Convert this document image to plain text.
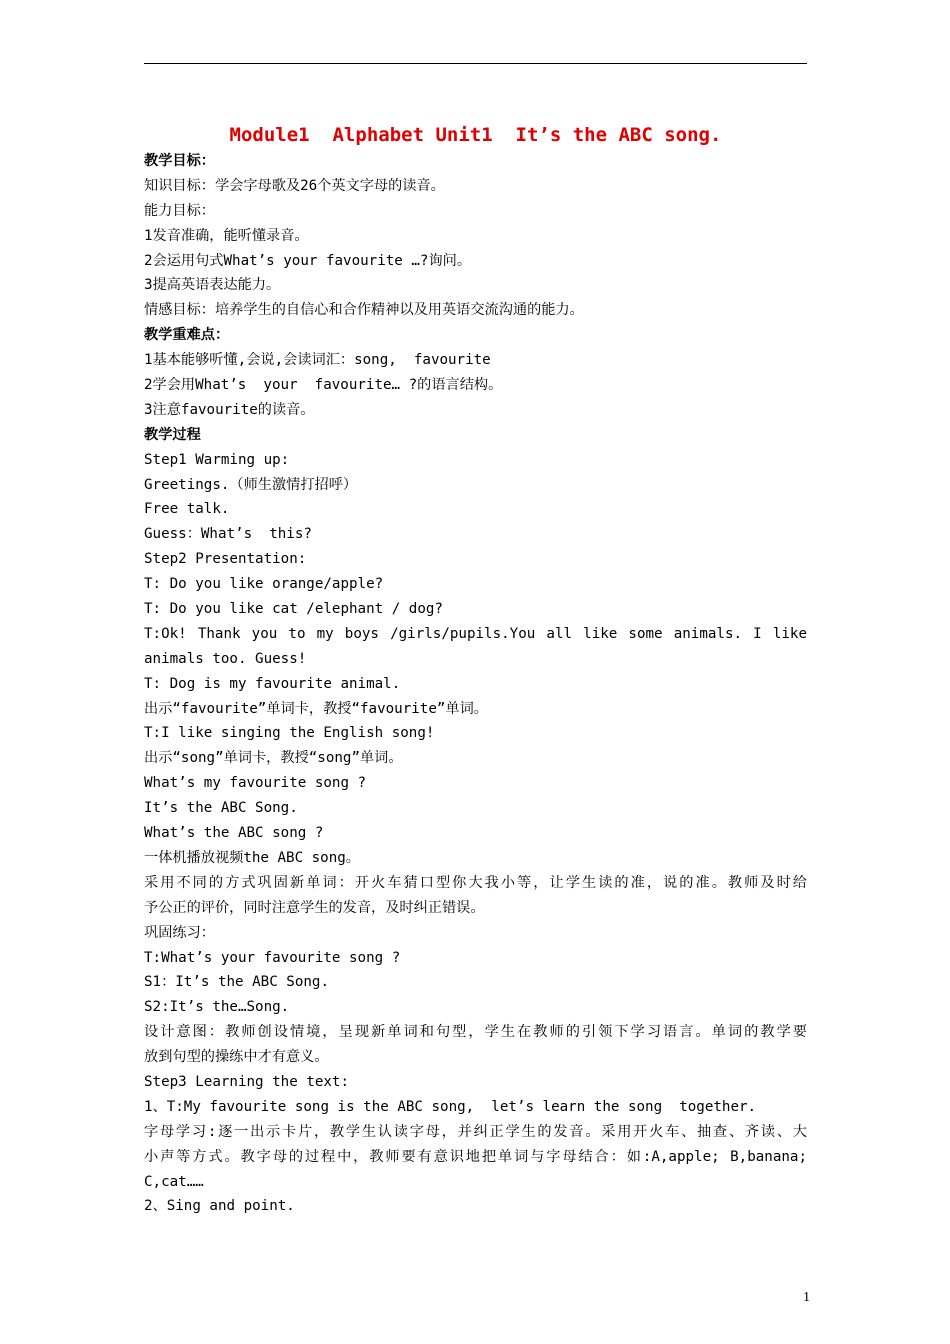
Module1  Alphabet Unit1  It’s the ABC song.
教学目标：
知识目标：学会字母歌及26个英文字母的读音。
能力目标：
1发音准确，能听懂录音。
2会运用句式What’s your favourite …?询问。
3提高英语表达能力。
情感目标：培养学生的自信心和合作精神以及用英语交流沟通的能力。
教学重难点：
1基本能够听懂,会说,会读词汇：song,  favourite
2学会用What’s  your  favourite… ?的语言结构。
3注意favourite的读音。
教学过程
Step1 Warming up:
Greetings.（师生激情打招呼）
Free talk.
Guess：What’s  this?
Step2 Presentation:
T: Do you like orange/apple?
T: Do you like cat /elephant / dog?
T:Ok! Thank you to my boys /girls/pupils.You all like some animals. I like
animals too. Guess!
T: Dog is my favourite animal.
出示“favourite”单词卡，教授“favourite”单词。
T:I like singing the English song!
出示“song”单词卡，教授“song”单词。
What’s my favourite song ?
It’s the ABC Song.
What’s the ABC song ?
一体机播放视频the ABC song。
采用不同的方式巩固新单词：开火车猜口型你大我小等，让学生读的准，说的准。教师及时给
予公正的评价，同时注意学生的发音，及时纠正错误。
巩固练习：
T:What’s your favourite song ?
S1：It’s the ABC Song.
S2:It’s the…Song.
设计意图：教师创设情境，呈现新单词和句型，学生在教师的引领下学习语言。单词的教学要
放到句型的操练中才有意义。
Step3 Learning the text:
1、T:My favourite song is the ABC song,  let’s learn the song  together.
字母学习:逐一出示卡片，教学生认读字母，并纠正学生的发音。采用开火车、抽查、齐读、大
小声等方式。教字母的过程中，教师要有意识地把单词与字母结合：如:A,apple; B,banana;
C,cat……
2、Sing and point.
1
